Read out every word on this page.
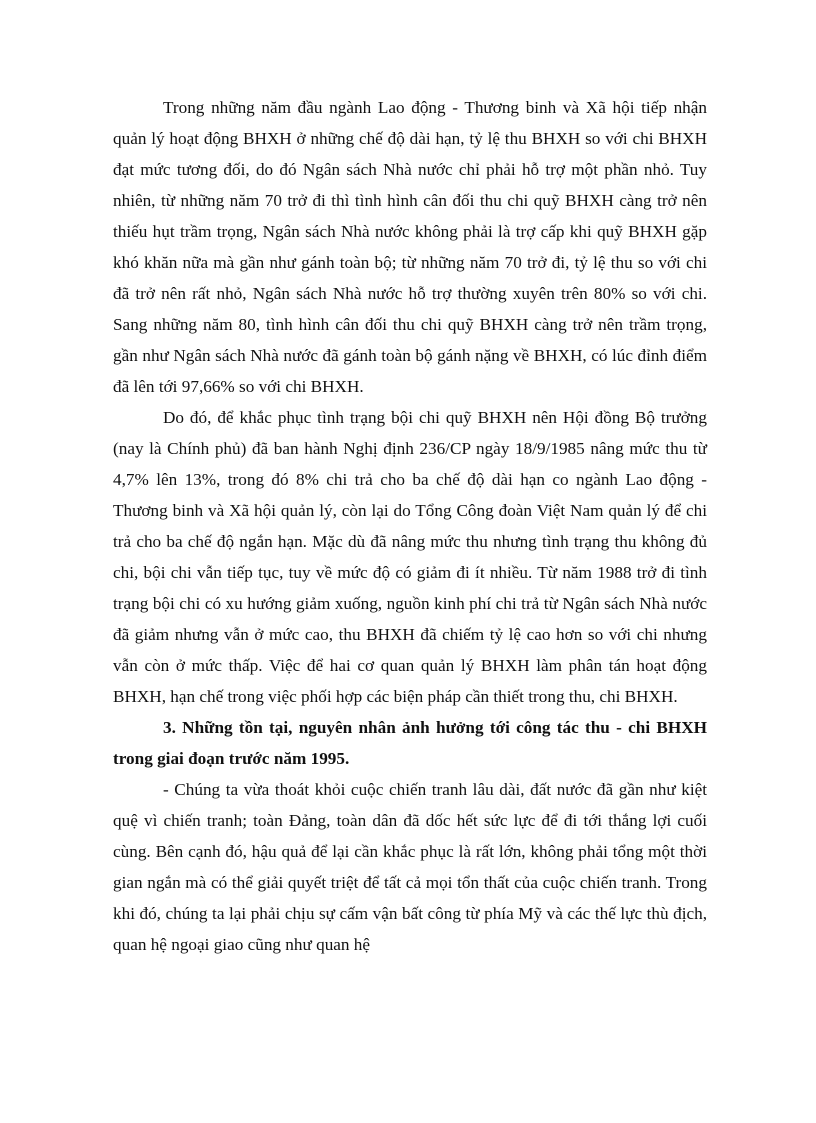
Trong những năm đầu ngành Lao động - Thương binh và Xã hội tiếp nhận quản lý hoạt động BHXH ở những chế độ dài hạn, tỷ lệ thu BHXH so với chi BHXH đạt mức tương đối, do đó Ngân sách Nhà nước chỉ phải hỗ trợ một phần nhỏ. Tuy nhiên, từ những năm 70 trở đi thì tình hình cân đối thu chi quỹ BHXH càng trở nên thiếu hụt trầm trọng, Ngân sách Nhà nước không phải là trợ cấp khi quỹ BHXH gặp khó khăn nữa mà gần như gánh toàn bộ; từ những năm 70 trở đi, tỷ lệ thu so với chi đã trở nên rất nhỏ, Ngân sách Nhà nước hỗ trợ thường xuyên trên 80% so với chi. Sang những năm 80, tình hình cân đối thu chi quỹ BHXH càng trở nên trầm trọng, gần như Ngân sách Nhà nước đã gánh toàn bộ gánh nặng về BHXH, có lúc đỉnh điểm đã lên tới 97,66% so với chi BHXH.

Do đó, để khắc phục tình trạng bội chi quỹ BHXH nên Hội đồng Bộ trưởng (nay là Chính phủ) đã ban hành Nghị định 236/CP ngày 18/9/1985 nâng mức thu từ 4,7% lên 13%, trong đó 8% chi trả cho ba chế độ dài hạn co ngành Lao động - Thương binh và Xã hội quản lý, còn lại do Tổng Công đoàn Việt Nam quản lý để chi trả cho ba chế độ ngắn hạn. Mặc dù đã nâng mức thu nhưng tình trạng thu không đủ chi, bội chi vẫn tiếp tục, tuy về mức độ có giảm đi ít nhiều. Từ năm 1988 trở đi tình trạng bội chi có xu hướng giảm xuống, nguồn kinh phí chi trả từ Ngân sách Nhà nước đã giảm nhưng vẫn ở mức cao, thu BHXH đã chiếm tỷ lệ cao hơn so với chi nhưng vẫn còn ở mức thấp. Việc để hai cơ quan quản lý BHXH làm phân tán hoạt động BHXH, hạn chế trong việc phối hợp các biện pháp cần thiết trong thu, chi BHXH.

3. Những tồn tại, nguyên nhân ảnh hưởng tới công tác thu - chi BHXH trong giai đoạn trước năm 1995.

- Chúng ta vừa thoát khỏi cuộc chiến tranh lâu dài, đất nước đã gần như kiệt quệ vì chiến tranh; toàn Đảng, toàn dân đã dốc hết sức lực để đi tới thắng lợi cuối cùng. Bên cạnh đó, hậu quả để lại cần khắc phục là rất lớn, không phải tổng một thời gian ngắn mà có thể giải quyết triệt để tất cả mọi tổn thất của cuộc chiến tranh. Trong khi đó, chúng ta lại phải chịu sự cấm vận bất công từ phía Mỹ và các thế lực thù địch, quan hệ ngoại giao cũng như quan hệ
